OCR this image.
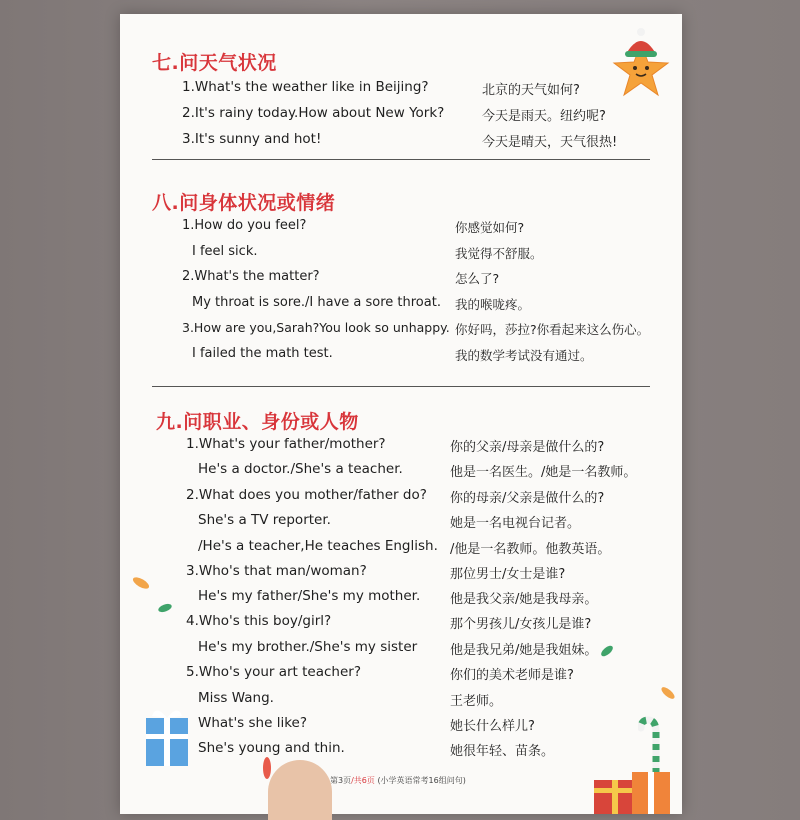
七.问天气状况
1.What's the weather like in Beijing?	北京的天气如何?
2.It's rainy today.How about New York?	今天是雨天。纽约呢?
3.It's sunny and hot!	今天是晴天，天气很热!
八.问身体状况或情绪
1.How do you feel?	你感觉如何?
I feel sick.	我觉得不舒服。
2.What's the matter?	怎么了?
My throat is sore./I have a sore throat. 我的喉咙疼。
3.How are you,Sarah?You look so unhappy. 你好吗，莎拉?你看起来这么伤心。
I failed the math test.	我的数学考试没有通过。
九.问职业、身份或人物
1.What's your father/mother?	你的父亲/母亲是做什么的?
He's a doctor./She's a teacher.	他是一名医生。/她是一名教师。
2.What does you mother/father do? 你的母亲/父亲是做什么的?
She's a TV reporter.	她是一名电视台记者。
/He's a teacher,He teaches English. /他是一名教师。他教英语。
3.Who's that man/woman?	那位男士/女士是谁?
He's my father/She's my mother. 他是我父亲/她是我母亲。
4.Who's this boy/girl?	那个男孩儿/女孩儿是谁?
He's my brother./She's my sister	他是我兄弟/她是我姐妹。
5.Who's your art teacher?	你们的美术老师是谁?
Miss Wang.	王老师。
What's she like?	她长什么样儿?
She's young and thin.	她很年轻、苗条。
第3页/共6页 (小学英语常考16组问句)
